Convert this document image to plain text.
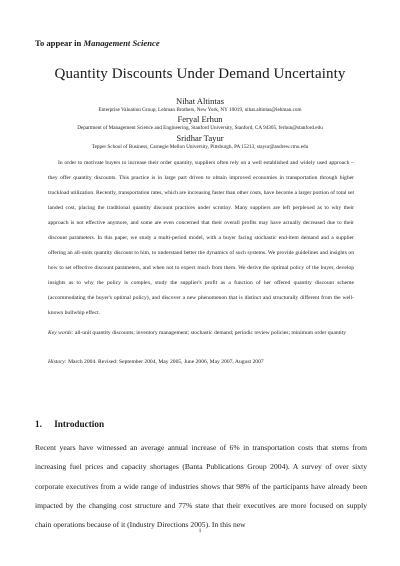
To appear in Management Science
Quantity Discounts Under Demand Uncertainty
Nihat Altintas
Enterprise Valuation Group, Lehman Brothers, New York, NY 10019, nihat.altintas@lehman.com
Feryal Erhun
Department of Management Science and Engineering, Stanford University, Stanford, CA 94305, ferhun@stanford.edu
Sridhar Tayur
Tepper School of Business, Carnegie Mellon University, Pittsburgh, PA 15213, stayur@andrew.cmu.edu

In order to motivate buyers to increase their order quantity, suppliers often rely on a well established and widely used approach – they offer quantity discounts. This practice is in large part driven to obtain improved economies in transportation through higher truckload utilization. Recently, transportation rates, which are increasing faster than other costs, have become a larger portion of total set landed cost, placing the traditional quantity discount practices under scrutiny. Many suppliers are left perplexed as to why their approach is not effective anymore, and some are even concerned that their overall profits may have actually decreased due to their discount parameters. In this paper, we study a multi-period model, with a buyer facing stochastic end-item demand and a supplier offering an all-units quantity discount to him, to understand better the dynamics of such systems. We provide guidelines and insights on how to set effective discount parameters, and when not to expect much from them. We derive the optimal policy of the buyer, develop insights as to why the policy is complex, study the supplier's profit as a function of her offered quantity discount scheme (accommodating the buyer's optimal policy), and discover a new phenomenon that is distinct and structurally different from the well-known bullwhip effect.

Key words: all-unit quantity discounts; inventory management; stochastic demand; periodic review policies; minimum order quantity

History: March 2004. Revised: September 2004, May 2005, June 2006, May 2007, August 2007

1. Introduction

Recent years have witnessed an average annual increase of 6% in transportation costs that stems from increasing fuel prices and capacity shortages (Banta Publications Group 2004). A survey of over sixty corporate executives from a wide range of industries shows that 98% of the participants have already been impacted by the changing cost structure and 77% state that their executives are more focused on supply chain operations because of it (Industry Directions 2005). In this new

1
